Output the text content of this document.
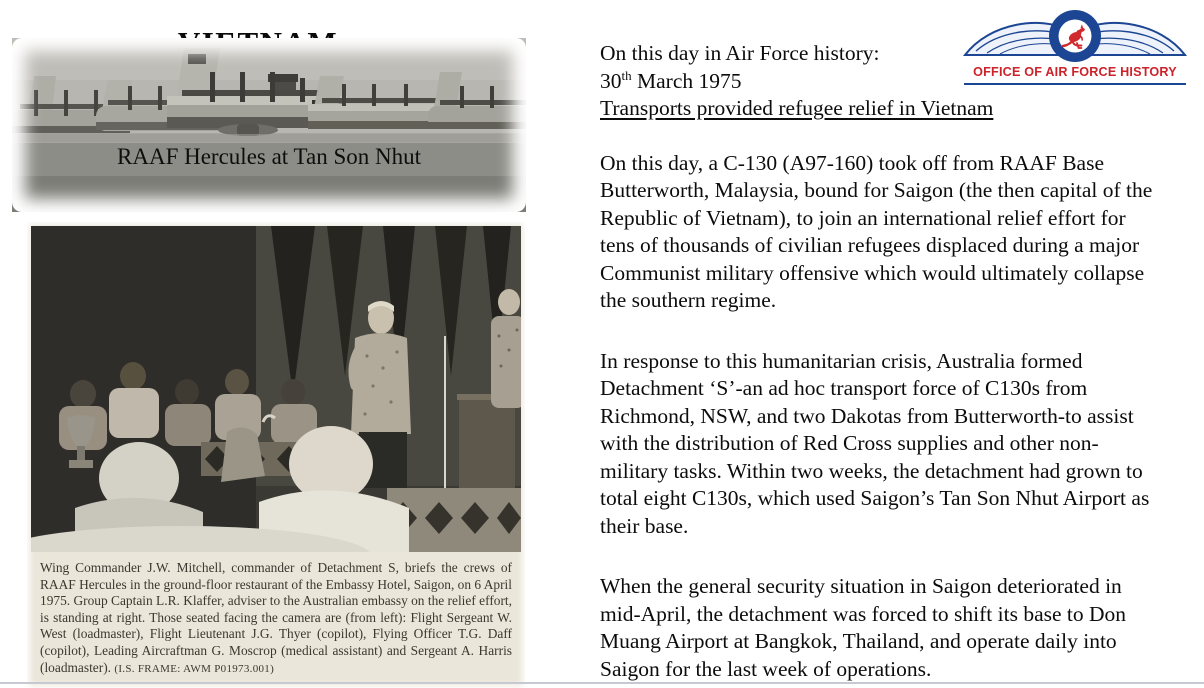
RAAF Hercules at Tan Son Nhut
Wing Commander J.W. Mitchell, commander of Detachment S, briefs the crews of RAAF Hercules in the ground-floor restaurant of the Embassy Hotel, Saigon, on 6 April 1975. Group Captain L.R. Klaffer, adviser to the Australian embassy on the relief effort, is standing at right. Those seated facing the camera are (from left): Flight Sergeant W. West (loadmaster), Flight Lieutenant J.G. Thyer (copilot), Flying Officer T.G. Daff (copilot), Leading Aircraftman G. Moscrop (medical assistant) and Sergeant A. Harris (loadmaster). (I.S. FRAME: AWM P01973.001)
On this day in Air Force history:
30th March 1975
Transports provided refugee relief in Vietnam

On this day, a C-130 (A97-160) took off from RAAF Base Butterworth, Malaysia, bound for Saigon (the then capital of the Republic of Vietnam), to join an international relief effort for tens of thousands of civilian refugees displaced during a major Communist military offensive which would ultimately collapse the southern regime.

In response to this humanitarian crisis, Australia formed Detachment ‘S’-an ad hoc transport force of C130s from Richmond, NSW, and two Dakotas from Butterworth-to assist with the distribution of Red Cross supplies and other non-military tasks. Within two weeks, the detachment had grown to total eight C130s, which used Saigon’s Tan Son Nhut Airport as their base.

When the general security situation in Saigon deteriorated in mid-April, the detachment was forced to shift its base to Don Muang Airport at Bangkok, Thailand, and operate daily into Saigon for the last week of operations.

OFFICE OF AIR FORCE HISTORY
